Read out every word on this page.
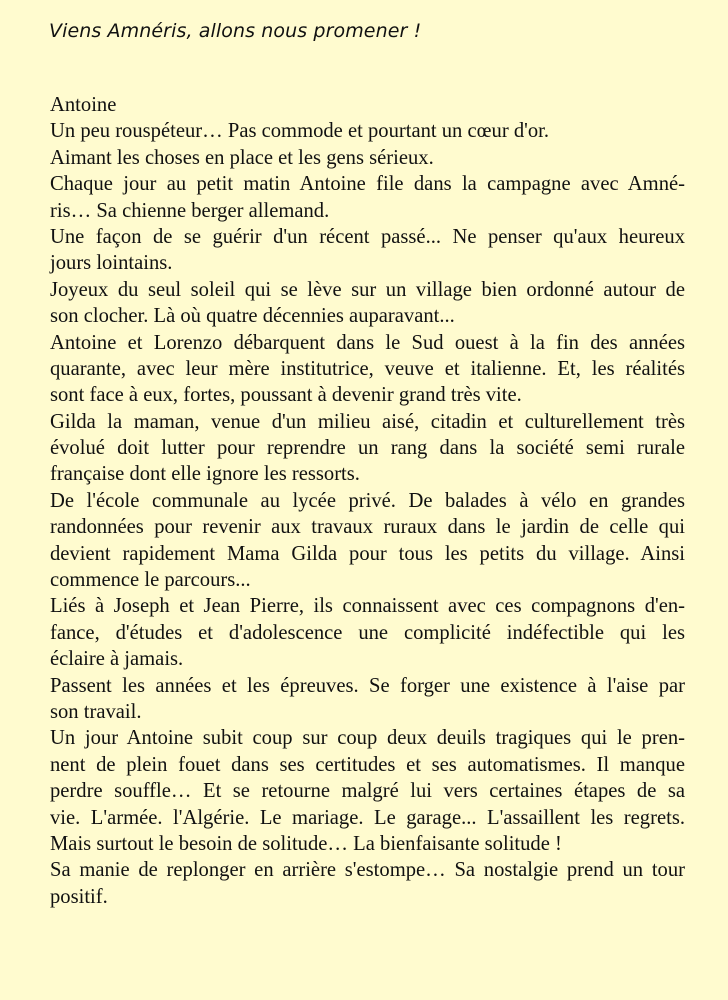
Viens Amnéris, allons nous promener !
Antoine
Un peu rouspéteur… Pas commode et pourtant un cœur d'or.
Aimant les choses en place et les gens sérieux.
Chaque jour au petit matin Antoine file dans la campagne avec Amné-
ris… Sa chienne berger allemand.
Une façon de se guérir d'un récent passé... Ne penser qu'aux heureux
jours lointains.
Joyeux du seul soleil qui se lève sur un village bien ordonné autour de
son clocher. Là où quatre décennies auparavant...
Antoine et Lorenzo débarquent dans le Sud ouest à la fin des années
quarante, avec leur mère institutrice, veuve et italienne. Et, les réalités
sont face à eux, fortes, poussant à devenir grand très vite.
Gilda la maman, venue d'un milieu aisé, citadin et culturellement très
évolué doit lutter pour reprendre un rang dans la société semi rurale
française dont elle ignore les ressorts.
De l'école communale au lycée privé. De balades à vélo en grandes
randonnées pour revenir aux travaux ruraux dans le jardin de celle qui
devient rapidement Mama Gilda pour tous les petits du village. Ainsi
commence le parcours...
Liés à Joseph et Jean Pierre, ils connaissent avec ces compagnons d'en-
fance, d'études et d'adolescence une complicité indéfectible qui les
éclaire à jamais.
Passent les années et les épreuves. Se forger une existence à l'aise par
son travail.
Un jour Antoine subit coup sur coup deux deuils tragiques qui le pren-
nent de plein fouet dans ses certitudes et ses automatismes. Il manque
perdre souffle… Et se retourne malgré lui vers certaines étapes de sa
vie. L'armée. l'Algérie. Le mariage. Le garage... L'assaillent les regrets.
Mais surtout le besoin de solitude… La bienfaisante solitude !
Sa manie de replonger en arrière s'estompe… Sa nostalgie prend un tour
positif.
